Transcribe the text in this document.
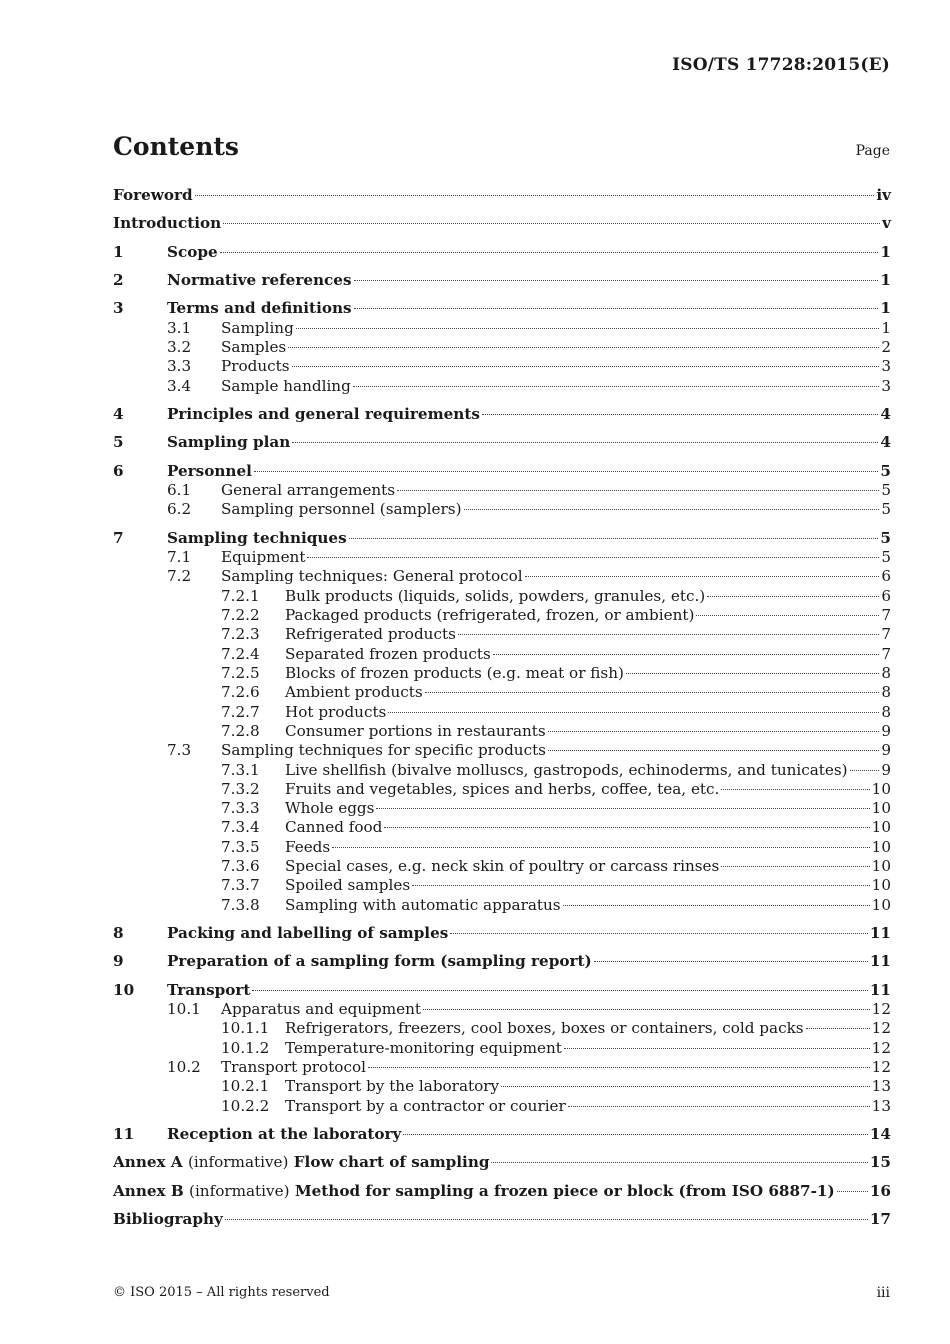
ISO/TS 17728:2015(E)
Contents	Page
Foreword	iv
Introduction	v
1	Scope	1
2	Normative references	1
3	Terms and definitions	1
3.1	Sampling	1
3.2	Samples	2
3.3	Products	3
3.4	Sample handling	3
4	Principles and general requirements	4
5	Sampling plan	4
6	Personnel	5
6.1	General arrangements	5
6.2	Sampling personnel (samplers)	5
7	Sampling techniques	5
7.1	Equipment	5
7.2	Sampling techniques: General protocol	6
7.2.1	Bulk products (liquids, solids, powders, granules, etc.)	6
7.2.2	Packaged products (refrigerated, frozen, or ambient)	7
7.2.3	Refrigerated products	7
7.2.4	Separated frozen products	7
7.2.5	Blocks of frozen products (e.g. meat or fish)	8
7.2.6	Ambient products	8
7.2.7	Hot products	8
7.2.8	Consumer portions in restaurants	9
7.3	Sampling techniques for specific products	9
7.3.1	Live shellfish (bivalve molluscs, gastropods, echinoderms, and tunicates) 9
7.3.2	Fruits and vegetables, spices and herbs, coffee, tea, etc.	10
7.3.3	Whole eggs	10
7.3.4	Canned food	10
7.3.5	Feeds	10
7.3.6	Special cases, e.g. neck skin of poultry or carcass rinses	10
7.3.7	Spoiled samples	10
7.3.8	Sampling with automatic apparatus	10
8	Packing and labelling of samples	11
9	Preparation of a sampling form (sampling report)	11
10	Transport	11
10.1	Apparatus and equipment	12
10.1.1	Refrigerators, freezers, cool boxes, boxes or containers, cold packs	12
10.1.2	Temperature-monitoring equipment	12
10.2	Transport protocol	12
10.2.1	Transport by the laboratory	13
10.2.2	Transport by a contractor or courier	13
11	Reception at the laboratory	14
Annex A (informative) Flow chart of sampling	15
Annex B (informative) Method for sampling a frozen piece or block (from ISO 6887-1) 16
Bibliography	17
© ISO 2015 – All rights reserved	iii
